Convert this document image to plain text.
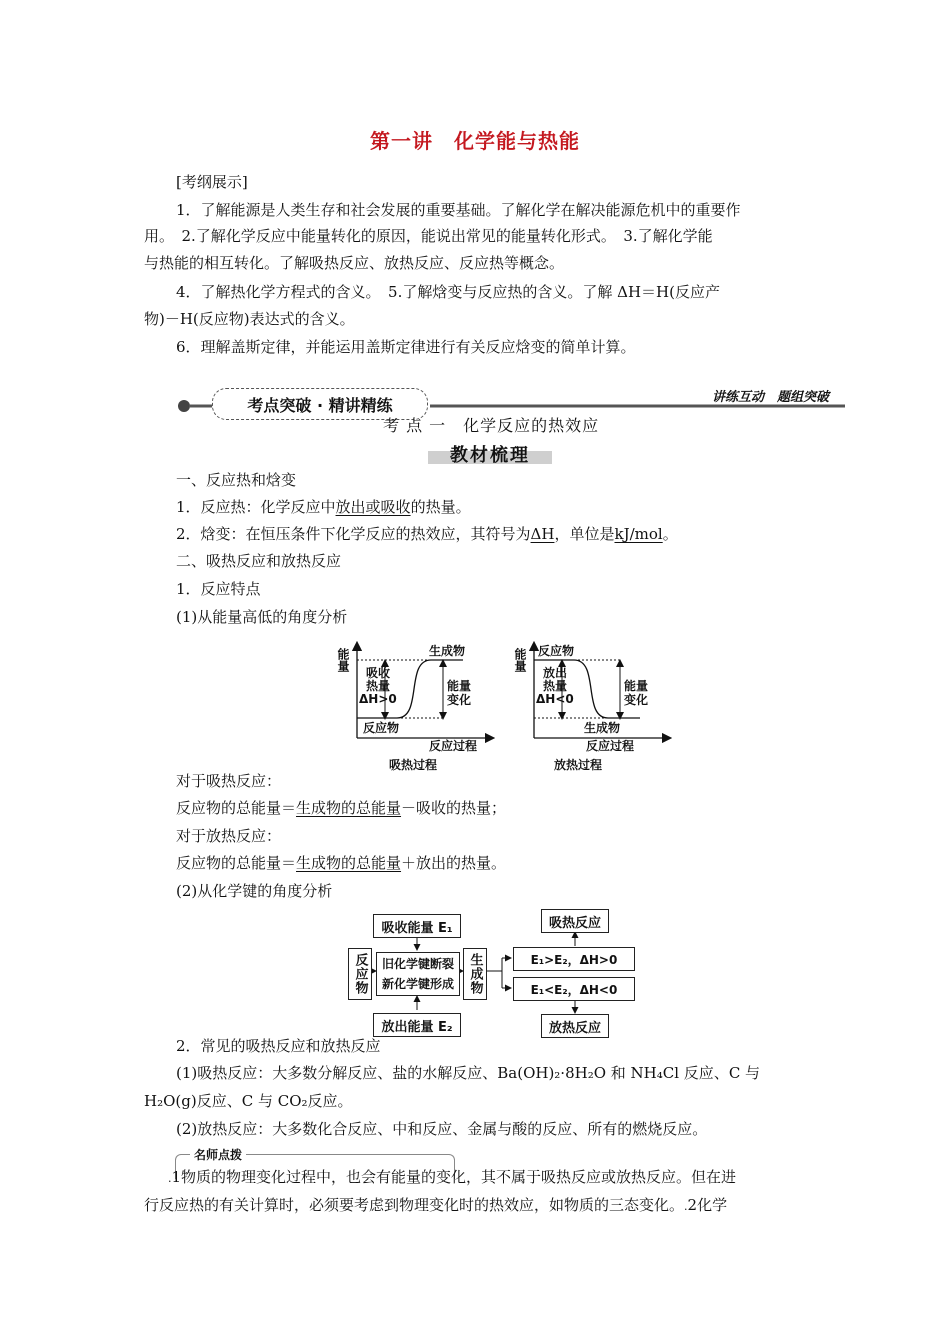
第一讲　化学能与热能
[考纲展示]
1．了解能源是人类生存和社会发展的重要基础。了解化学在解决能源危机中的重要作
用。　2.了解化学反应中能量转化的原因，能说出常见的能量转化形式。　3.了解化学能
与热能的相互转化。了解吸热反应、放热反应、反应热等概念。
4．了解热化学方程式的含义。　5.了解焓变与反应热的含义。了解 ΔH＝H(反应产
物)－H(反应物)表达式的含义。
6．理解盖斯定律，并能运用盖斯定律进行有关反应焓变的简单计算。
考点突破 · 精讲精练	讲练互动　题组突破
考 点 一　化学反应的热效应
教材梳理
一、反应热和焓变
1．反应热：化学反应中放出或吸收的热量。
2．焓变：在恒压条件下化学反应的热效应，其符号为ΔH，单位是kJ/mol。
二、吸热反应和放热反应
1．反应特点
(1)从能量高低的角度分析
能量	生成物
反应物
吸收
热量
ΔH>0
能量
变化
反应过程
吸热过程
能量 反应物
生成物
放出
热量
ΔH<0
能量
变化
反应过程
放热过程
对于吸热反应：
反应物的总能量＝生成物的总能量－吸收的热量；
对于放热反应：
反应物的总能量＝生成物的总能量＋放出的热量。
(2)从化学键的角度分析
吸收能量 E₁
反应物	旧化学键断裂
新化学键形成	生成物
放出能量 E₂
吸热反应
E₁>E₂，ΔH>0
E₁<E₂，ΔH<0
放热反应
2．常见的吸热反应和放热反应
(1)吸热反应：大多数分解反应、盐的水解反应、Ba(OH)₂·8H₂O 和 NH₄Cl 反应、C 与
H₂O(g)反应、C 与 CO₂反应。
(2)放热反应：大多数化合反应、中和反应、金属与酸的反应、所有的燃烧反应。
名师点拨
.1物质的物理变化过程中，也会有能量的变化，其不属于吸热反应或放热反应。但在进
行反应热的有关计算时，必须要考虑到物理变化时的热效应，如物质的三态变化。.2化学
